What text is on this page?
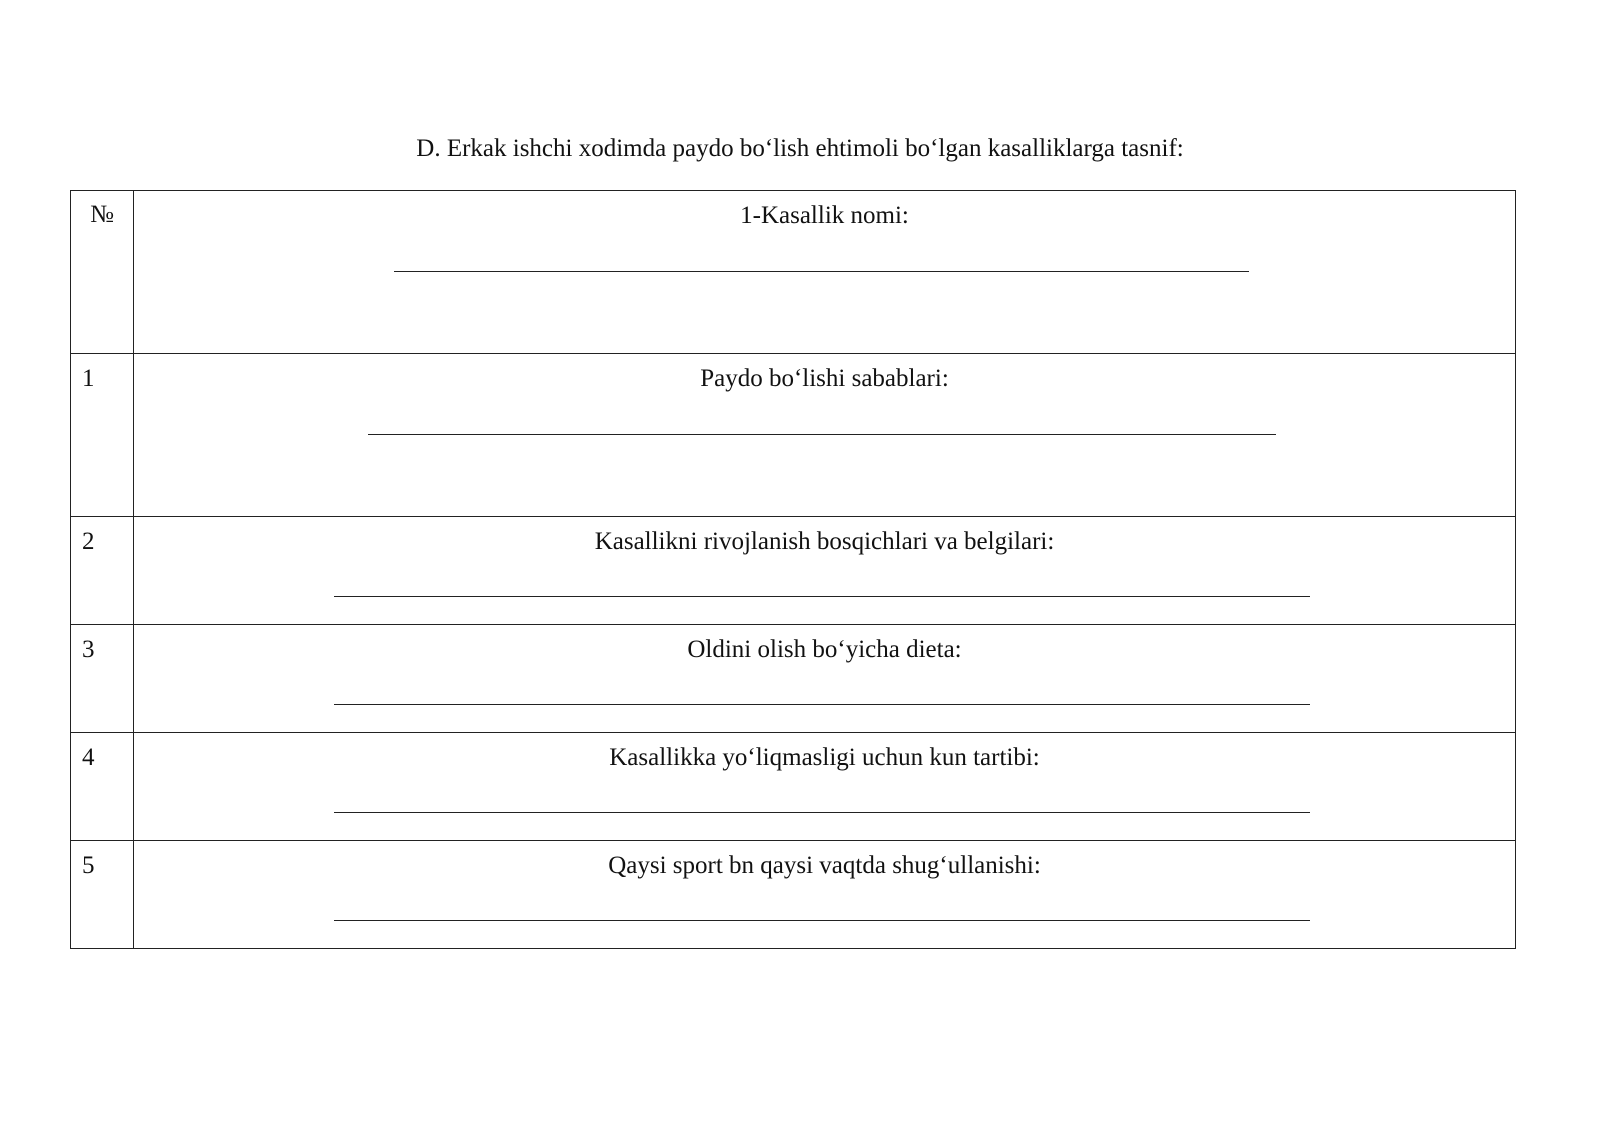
D. Erkak ishchi xodimda paydo bo‘lish ehtimoli bo‘lgan kasalliklarga tasnif:
№	1-Kasallik nomi:

1	Paydo bo‘lishi sabablari:

2	Kasallikni rivojlanish bosqichlari va belgilari:

3	Oldini olish bo‘yicha dieta:

4	Kasallikka yo‘liqmasligi uchun kun tartibi:

5	Qaysi sport bn qaysi vaqtda shug‘ullanishi:
